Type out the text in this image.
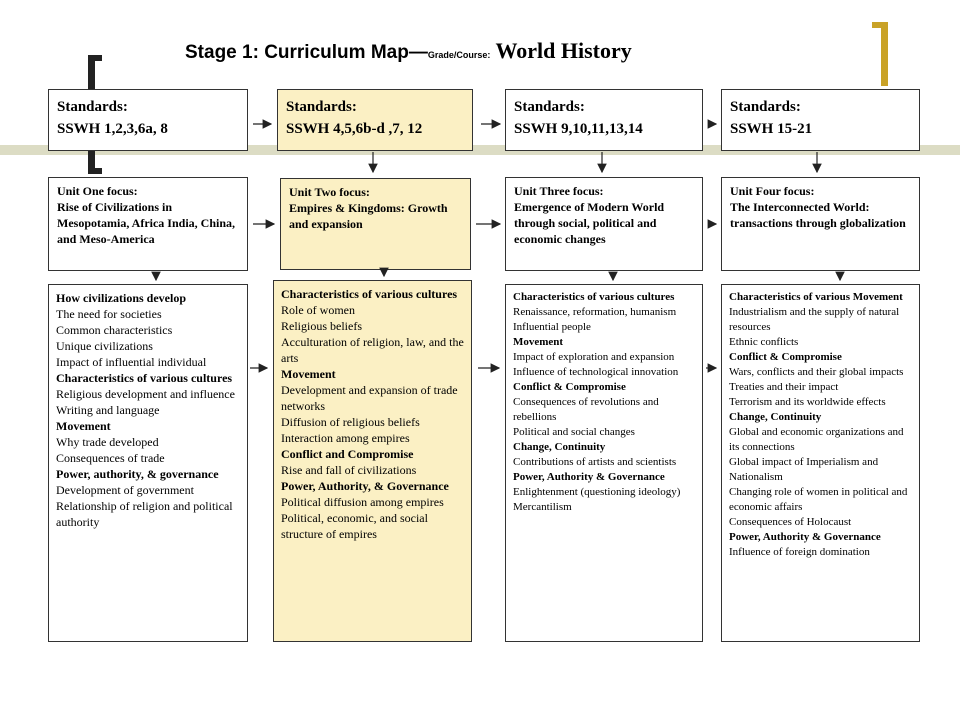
Stage 1: Curriculum Map—Grade/Course: World History
Standards:
SSWH 1,2,3,6a, 8
Standards:
SSWH 4,5,6b-d ,7, 12
Standards:
SSWH 9,10,11,13,14
Standards:
SSWH 15-21
Unit One focus:
Rise of Civilizations in Mesopotamia, Africa India, China, and Meso-America
Unit Two focus:
Empires & Kingdoms: Growth and expansion
Unit Three focus:
Emergence of Modern World through social, political and economic changes
Unit Four focus:
The Interconnected World: transactions through globalization
How civilizations develop
The need for societies
Common characteristics
Unique civilizations
Impact of influential individual
Characteristics of various cultures
Religious development and influence
Writing and language
Movement
Why trade developed
Consequences of trade
Power, authority, & governance
Development of government
Relationship of religion and political authority
Characteristics of various cultures
Role of women
Religious beliefs
Acculturation of religion, law, and the arts
Movement
Development and expansion of trade networks
Diffusion of religious beliefs
Interaction among empires
Conflict and Compromise
Rise and fall of civilizations
Power, Authority, & Governance
Political diffusion among empires
Political, economic, and social structure of empires
Characteristics of various cultures
Renaissance, reformation, humanism
Influential people
Movement
Impact of exploration and expansion
Influence of technological innovation
Conflict & Compromise
Consequences of revolutions and rebellions
Political and social changes
Change, Continuity
Contributions of artists and scientists
Power, Authority & Governance
Enlightenment (questioning ideology)
Mercantilism
Characteristics of various Movement
Industrialism and the supply of natural resources
Ethnic conflicts
Conflict & Compromise
Wars, conflicts and their global impacts
Treaties and their impact
Terrorism and its worldwide effects
Change, Continuity
Global and economic organizations and its connections
Global impact of Imperialism and Nationalism
Changing role of women in political and economic affairs
Consequences of Holocaust
Power, Authority & Governance
Influence of foreign domination
